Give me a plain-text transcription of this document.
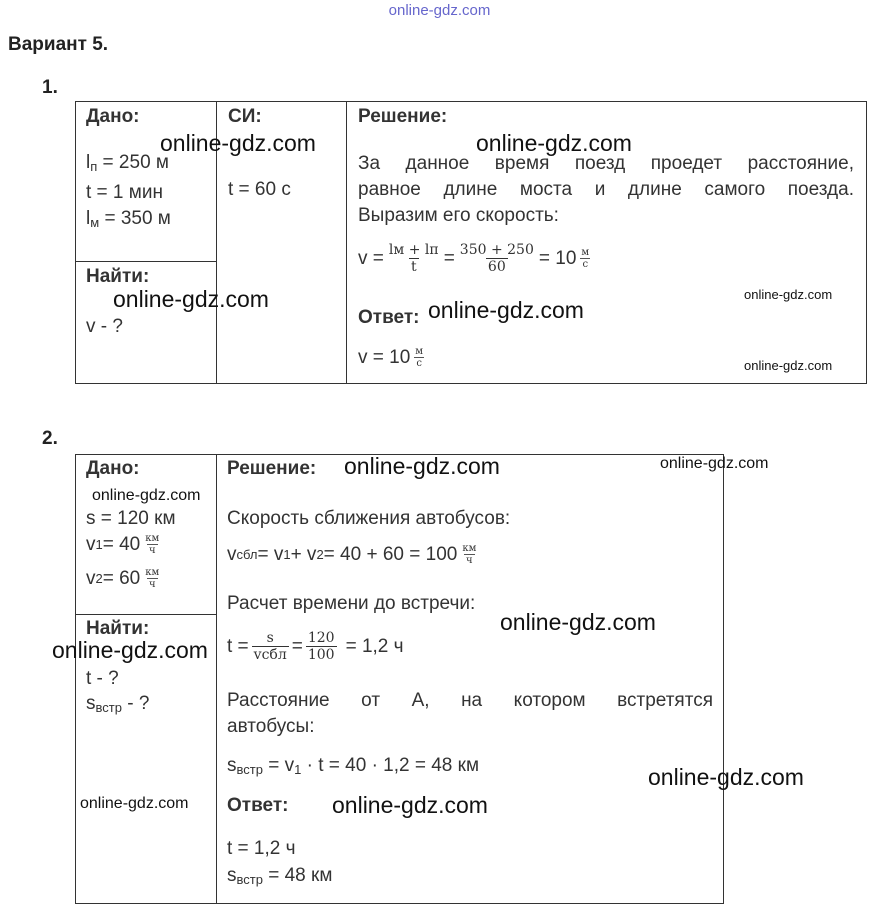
online-gdz.com
Вариант 5.
1.
Дано:
$l_п = 250$ м
t = 1 мин
$l_м = 350$ м
Найти:
v - ?
СИ:
t = 60 с
Решение:
За данное время поезд проедет расстояние,
равное длине моста и длине самого поезда.
Выразим его скорость:
$v = \frac{lм + lп}{t} = \frac{350 + 250}{60} = 10 \frac{м}{с}$
Ответ:
$v = 10 \frac{м}{с}$
online-gdz.com	online-gdz.com
online-gdz.com	online-gdz.com
online-gdz.com
online-gdz.com
2.
Дано:
s = 120 км
v $1 = 40 \frac{км}{ч}$
v $2 = 60 \frac{км}{ч}$
Найти:
t - ?
$s_{встр}$ - ?
Решение:
Скорость сближения автобусов:
v сбл = v 1 + v $2 = 40 + 60 = 100 \frac{км}{ч}$
Расчет времени до встречи:
$t = \frac{s}{\text{vсбл}} = \frac{120}{100} = 1,2$ ч
Расстояние от А, на котором встретятся
автобусы:
$s_{встр} = v_1 \cdot t = 40 \cdot 1,2 = 48$ км
Ответ:
t = 1,2 ч
$s_{встр} = 48$ км
online-gdz.com	online-gdz.com
online-gdz.com
online-gdz.com
online-gdz.com
online-gdz.com
online-gdz.com	online-gdz.com
